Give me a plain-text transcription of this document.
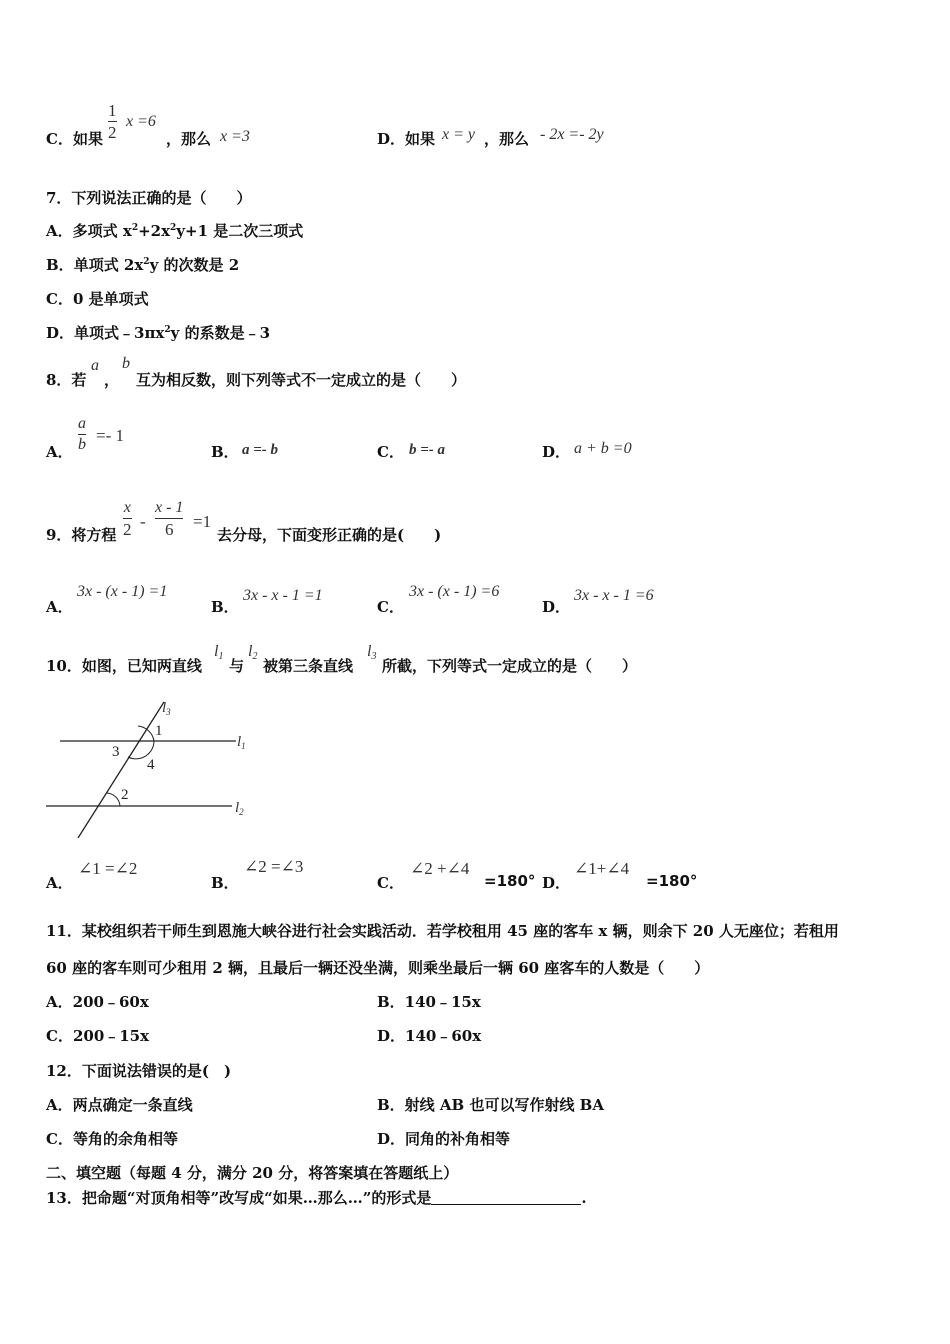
C．如果 $\frac{1}{2}$ x =6
，那么 x =3	D．如果 x = y ，那么 - 2x =- 2y
7．下列说法正确的是（　　）
A．多项式 $x^2+2x^2y+1$ 是二次三项式
B．单项式 $2x^2y$ 的次数是 2
C．0 是单项式
D．单项式$﹣3\pi x^2y$ 的系数是﹣3
8．若
a
，
b
互为相反数，则下列等式不一定成立的是（　　）
A． $\frac{a}{b} =- 1$
B． a =- b	C． b =- a	D． a + b =0
9．将方程 $\frac{x}{2} - \frac{x - 1}{6} =1$
去分母，下面变形正确的是(　　)
A．
3x - (x - 1) =1
B．
3x - x - 1 =1
C．
3x - (x - 1) =6
D．
3x - x - 1 =6
10．如图，已知两直线
$l_1$
与
$l_2$
被第三条直线
$l_3$
所截，下列等式一定成立的是（　　）
$l_3$
$l_1$
$l_2$
1
3
4
2
A．
∠1 =∠2
B．
∠2 =∠3
C．
∠2 +∠4
=180° D．
∠1+∠4
=180°
11．某校组织若干师生到恩施大峡谷进行社会实践活动．若学校租用 45 座的客车 x 辆，则余下 20 人无座位；若租用
60 座的客车则可少租用 2 辆，且最后一辆还没坐满，则乘坐最后一辆 60 座客车的人数是（　　）
A．200﹣60x	B．140﹣15x
C．200﹣15x	D．140﹣60x
12．下面说法错误的是(　)
A．两点确定一条直线	B．射线 AB 也可以写作射线 BA
C．等角的余角相等	D．同角的补角相等
二、填空题（每题 4 分，满分 20 分，将答案填在答题纸上）
13．把命题“对顶角相等”改写成“如果…那么…”的形式是	.
